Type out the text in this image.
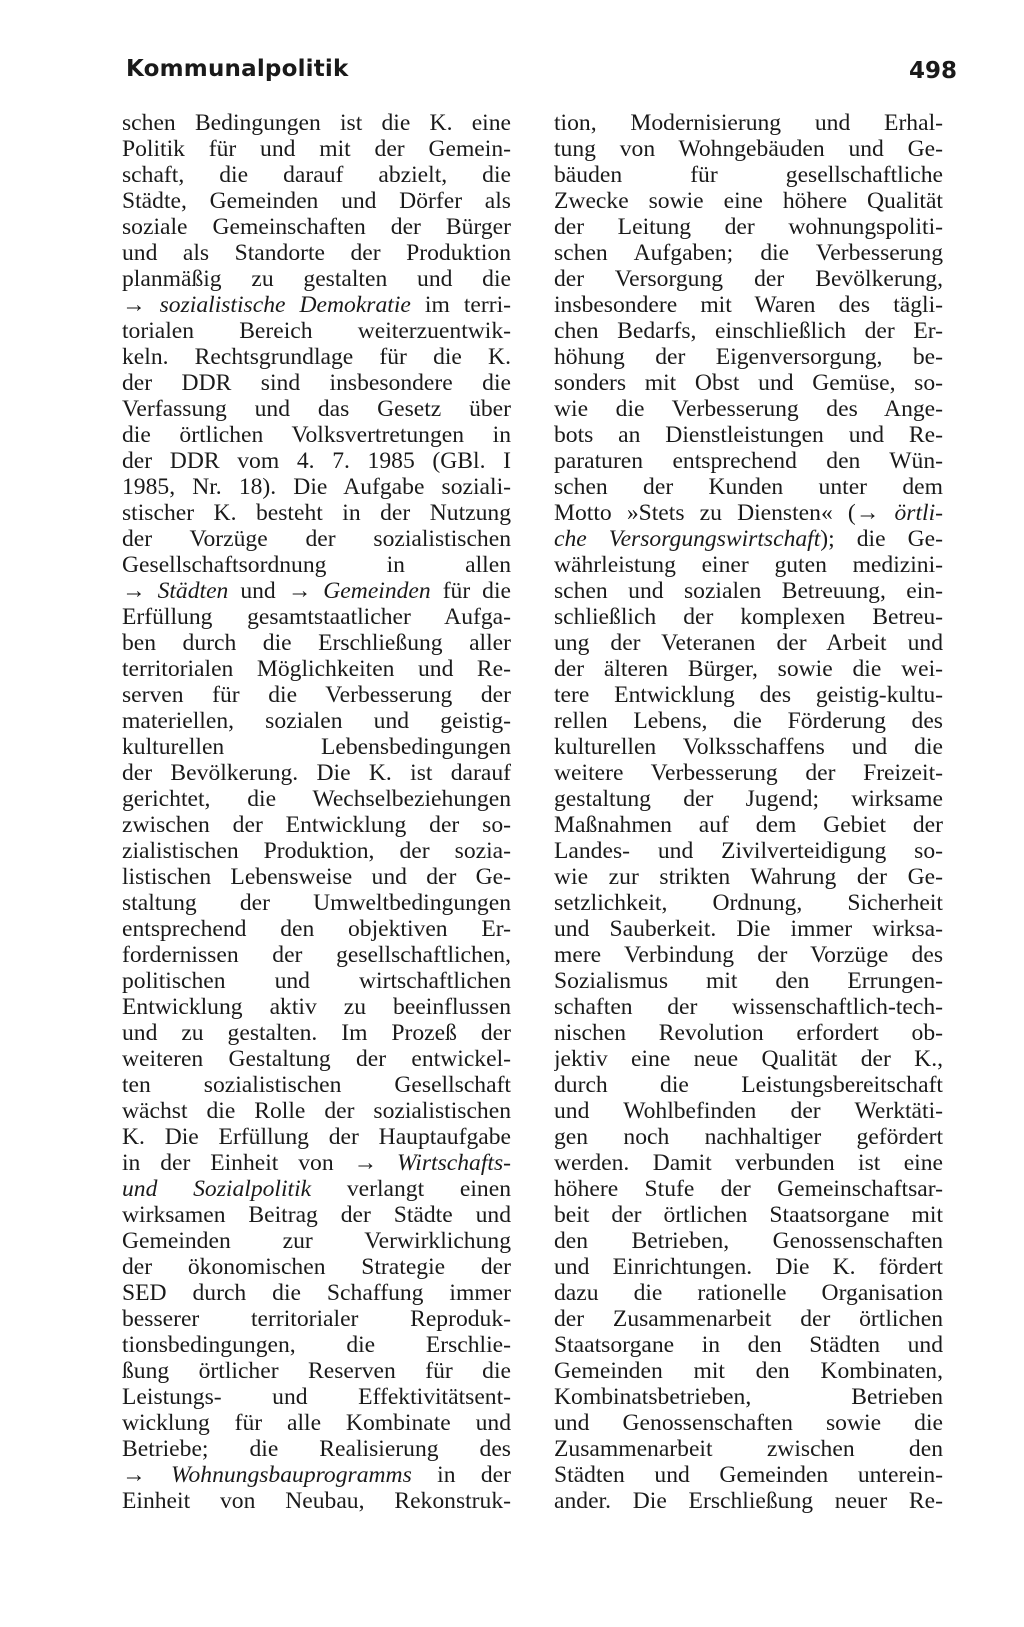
Kommunalpolitik	498
schen Bedingungen ist die K. eine
Politik für und mit der Gemein-
schaft, die darauf abzielt, die
Städte, Gemeinden und Dörfer als
soziale Gemeinschaften der Bürger
und als Standorte der Produktion
planmäßig zu gestalten und die
→ sozialistische Demokratie im terri-
torialen Bereich weiterzuentwik-
keln. Rechtsgrundlage für die K.
der DDR sind insbesondere die
Verfassung und das Gesetz über
die örtlichen Volksvertretungen in
der DDR vom 4. 7. 1985 (GBl. I
1985, Nr. 18). Die Aufgabe soziali-
stischer K. besteht in der Nutzung
der Vorzüge der sozialistischen
Gesellschaftsordnung in allen
→ Städten und → Gemeinden für die
Erfüllung gesamtstaatlicher Aufga-
ben durch die Erschließung aller
territorialen Möglichkeiten und Re-
serven für die Verbesserung der
materiellen, sozialen und geistig-
kulturellen Lebensbedingungen
der Bevölkerung. Die K. ist darauf
gerichtet, die Wechselbeziehungen
zwischen der Entwicklung der so-
zialistischen Produktion, der sozia-
listischen Lebensweise und der Ge-
staltung der Umweltbedingungen
entsprechend den objektiven Er-
fordernissen der gesellschaftlichen,
politischen und wirtschaftlichen
Entwicklung aktiv zu beeinflussen
und zu gestalten. Im Prozeß der
weiteren Gestaltung der entwickel-
ten sozialistischen Gesellschaft
wächst die Rolle der sozialistischen
K. Die Erfüllung der Hauptaufgabe
in der Einheit von → Wirtschafts-
und Sozialpolitik verlangt einen
wirksamen Beitrag der Städte und
Gemeinden zur Verwirklichung
der ökonomischen Strategie der
SED durch die Schaffung immer
besserer territorialer Reproduk-
tionsbedingungen, die Erschlie-
ßung örtlicher Reserven für die
Leistungs- und Effektivitätsent-
wicklung für alle Kombinate und
Betriebe; die Realisierung des
→ Wohnungsbauprogramms in der
Einheit von Neubau, Rekonstruk-
tion, Modernisierung und Erhal-
tung von Wohngebäuden und Ge-
bäuden für gesellschaftliche
Zwecke sowie eine höhere Qualität
der Leitung der wohnungspoliti-
schen Aufgaben; die Verbesserung
der Versorgung der Bevölkerung,
insbesondere mit Waren des tägli-
chen Bedarfs, einschließlich der Er-
höhung der Eigenversorgung, be-
sonders mit Obst und Gemüse, so-
wie die Verbesserung des Ange-
bots an Dienstleistungen und Re-
paraturen entsprechend den Wün-
schen der Kunden unter dem
Motto »Stets zu Diensten« (→ örtli-
che Versorgungswirtschaft); die Ge-
währleistung einer guten medizini-
schen und sozialen Betreuung, ein-
schließlich der komplexen Betreu-
ung der Veteranen der Arbeit und
der älteren Bürger, sowie die wei-
tere Entwicklung des geistig-kultu-
rellen Lebens, die Förderung des
kulturellen Volksschaffens und die
weitere Verbesserung der Freizeit-
gestaltung der Jugend; wirksame
Maßnahmen auf dem Gebiet der
Landes- und Zivilverteidigung so-
wie zur strikten Wahrung der Ge-
setzlichkeit, Ordnung, Sicherheit
und Sauberkeit. Die immer wirksa-
mere Verbindung der Vorzüge des
Sozialismus mit den Errungen-
schaften der wissenschaftlich-tech-
nischen Revolution erfordert ob-
jektiv eine neue Qualität der K.,
durch die Leistungsbereitschaft
und Wohlbefinden der Werktäti-
gen noch nachhaltiger gefördert
werden. Damit verbunden ist eine
höhere Stufe der Gemeinschaftsar-
beit der örtlichen Staatsorgane mit
den Betrieben, Genossenschaften
und Einrichtungen. Die K. fördert
dazu die rationelle Organisation
der Zusammenarbeit der örtlichen
Staatsorgane in den Städten und
Gemeinden mit den Kombinaten,
Kombinatsbetrieben, Betrieben
und Genossenschaften sowie die
Zusammenarbeit zwischen den
Städten und Gemeinden unterein-
ander. Die Erschließung neuer Re-
